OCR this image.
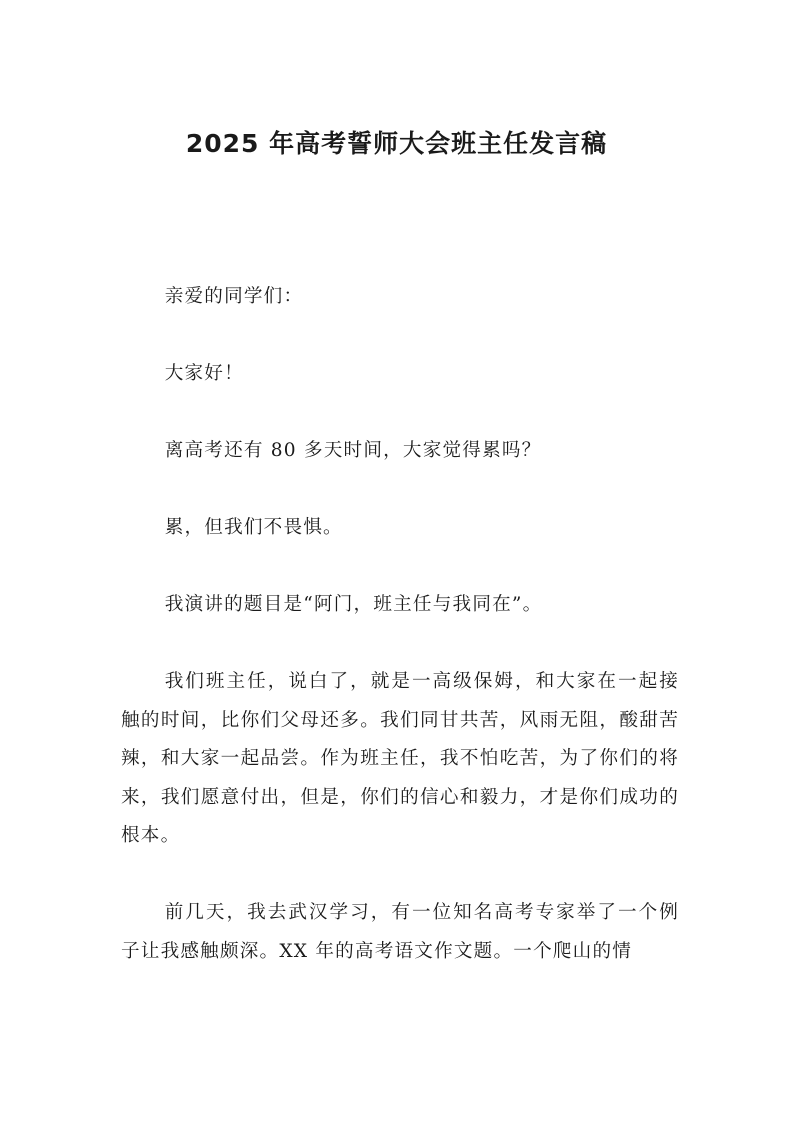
2025 年高考誓师大会班主任发言稿

亲爱的同学们：

大家好！

离高考还有 80 多天时间，大家觉得累吗？

累，但我们不畏惧。

我演讲的题目是“阿门，班主任与我同在”。

我们班主任，说白了，就是一高级保姆，和大家在一起接触的时间，比你们父母还多。我们同甘共苦，风雨无阻，酸甜苦辣，和大家一起品尝。作为班主任，我不怕吃苦，为了你们的将来，我们愿意付出，但是，你们的信心和毅力，才是你们成功的根本。

前几天，我去武汉学习，有一位知名高考专家举了一个例子让我感触颇深。XX 年的高考语文作文题。一个爬山的情
